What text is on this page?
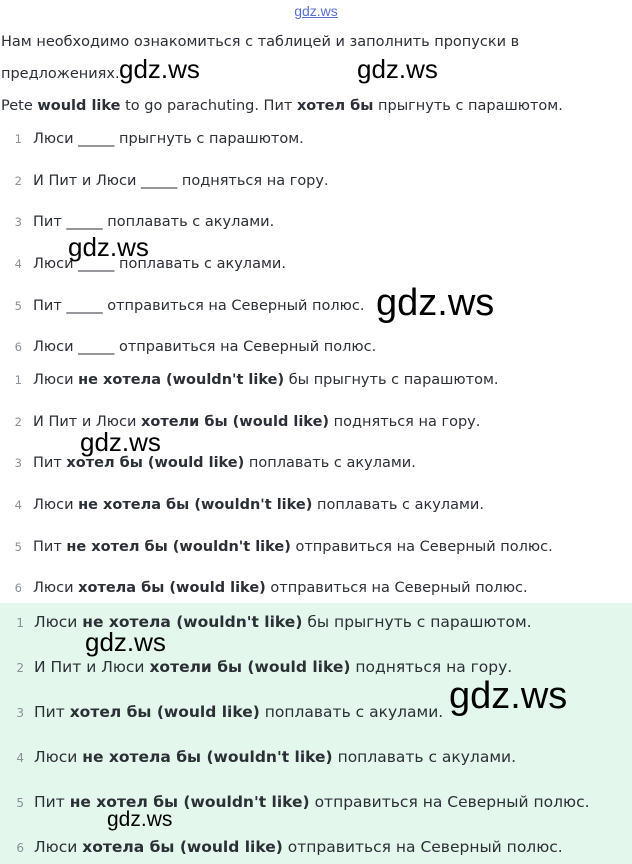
gdz.ws
Нам необходимо ознакомиться с таблицей и заполнить пропуски в
предложениях.
Pete would like to go parachuting. Пит хотел бы прыгнуть с парашютом.
1 Люси _____ прыгнуть с парашютом.
2 И Пит и Люси _____ подняться на гору.
3 Пит _____ поплавать с акулами.
4 Люси _____ поплавать с акулами.
5 Пит _____ отправиться на Северный полюс.
6 Люси _____ отправиться на Северный полюс.
1 Люси не хотела (wouldn't like) бы прыгнуть с парашютом.
2 И Пит и Люси хотели бы (would like) подняться на гору.
3 Пит хотел бы (would like) поплавать с акулами.
4 Люси не хотела бы (wouldn't like) поплавать с акулами.
5 Пит не хотел бы (wouldn't like) отправиться на Северный полюс.
6 Люси хотела бы (would like) отправиться на Северный полюс.
1 Люси не хотела (wouldn't like) бы прыгнуть с парашютом.
2 И Пит и Люси хотели бы (would like) подняться на гору.
3 Пит хотел бы (would like) поплавать с акулами.
4 Люси не хотела бы (wouldn't like) поплавать с акулами.
5 Пит не хотел бы (wouldn't like) отправиться на Северный полюс.
6 Люси хотела бы (would like) отправиться на Северный полюс.
gdz.ws	gdz.ws
gdz.ws
gdz.ws
gdz.ws
gdz.ws
gdz.ws
gdz.ws
